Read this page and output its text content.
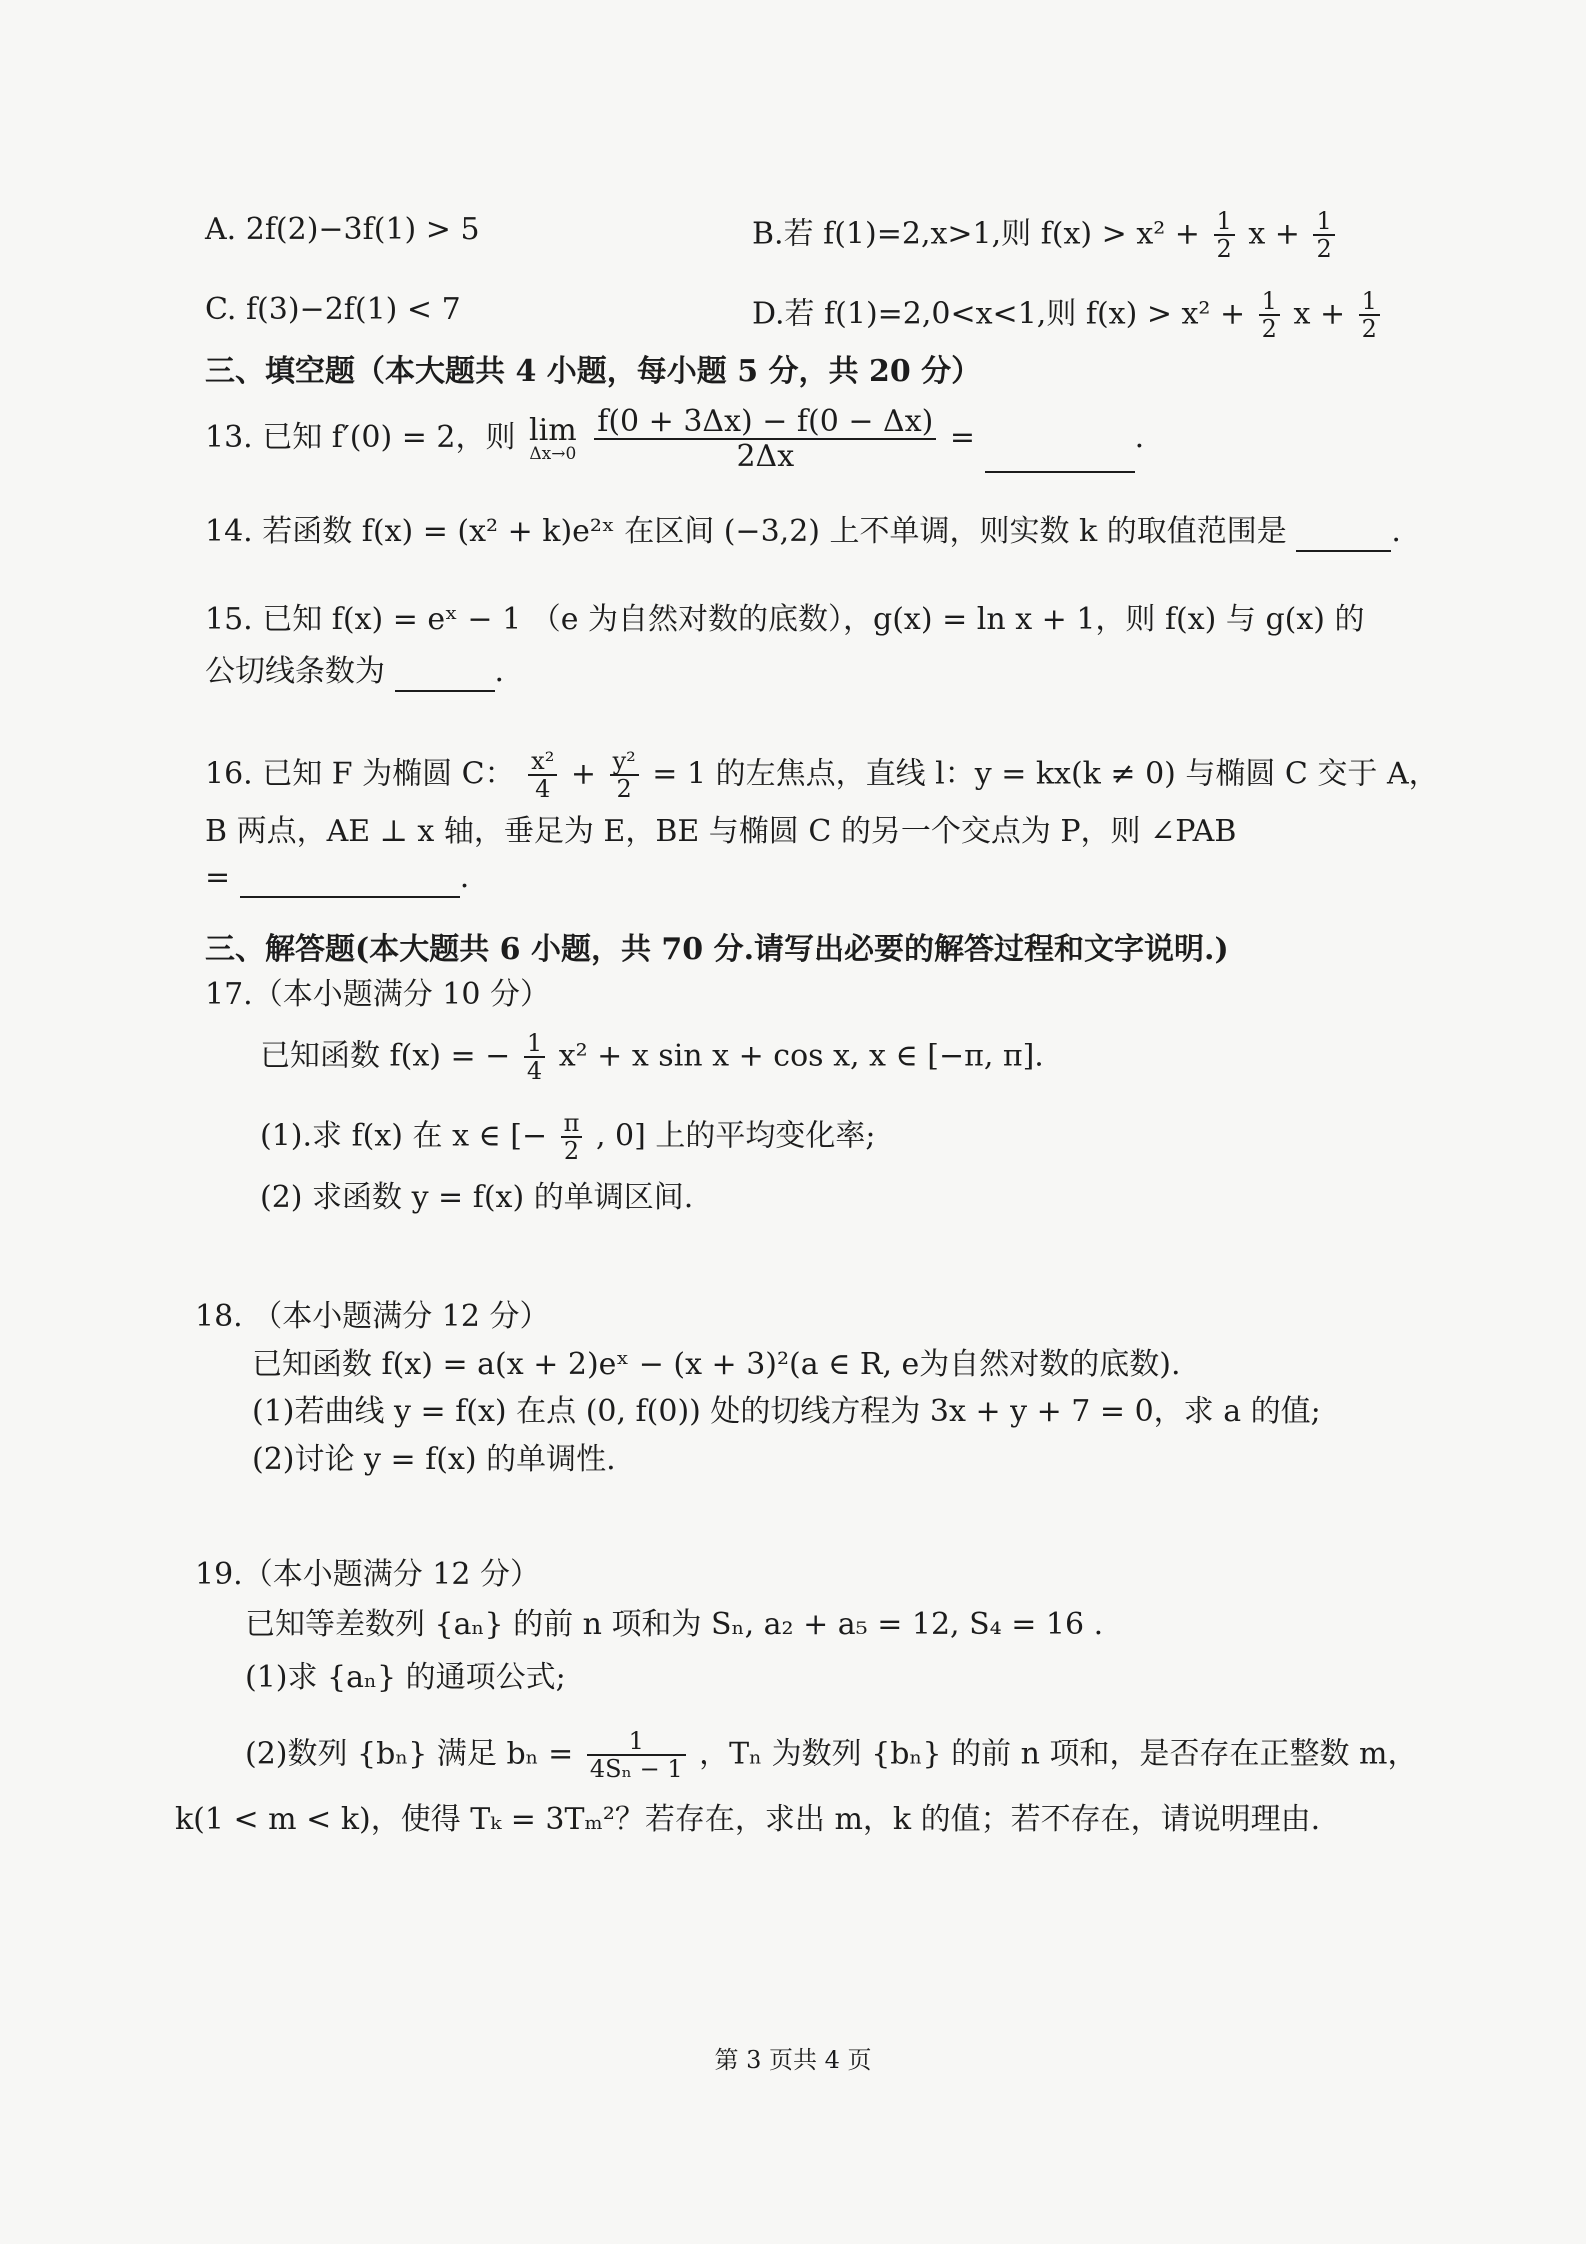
A. 2f(2)−3f(1) > 5	B.若 f(1)=2,x>1,则 $f(x) > x^2 + \frac{1}{2}$ $x + \frac{1}{2}$
C. f(3)−2f(1) < 7	D.若 f(1)=2,0<x<1,则 $f(x) > x^2 + \frac{1}{2}$ $x + \frac{1}{2}$
三、填空题（本大题共 4 小题，每小题 5 分，共 20 分）
13. 已知 f′(0) = 2，则 lim
Δx→0
$\frac{f(0 + 3\Delta x) - f(0 - \Delta x)}{2\Delta x}$ =	.
14. 若函数 f(x) = (x² + k)e²ˣ 在区间 (−3,2) 上不单调，则实数 k 的取值范围是	.
15. 已知 f(x) = eˣ − 1 （e 为自然对数的底数），g(x) = ln x + 1，则 f(x) 与 g(x) 的
公切线条数为	.
16. 已知 F 为椭圆 C： $\frac{\text{x²}}{4} + \frac{\text{y²}}{2} = 1$ 的左焦点，直线 l：y = kx(k ≠ 0) 与椭圆 C 交于 A，
B 两点，AE ⊥ x 轴，垂足为 E，BE 与椭圆 C 的另一个交点为 P，则 ∠PAB
=	.
三、解答题(本大题共 6 小题，共 70 分.请写出必要的解答过程和文字说明.)
17.（本小题满分 10 分）
已知函数 f(x) = − $\frac{1}{4} x^2 + x$ sin x + cos x, x ∈ [−π, π].
(1).求 f(x) 在 x ∈ [− $\frac{\pi}{2}$ , 0] 上的平均变化率;
(2) 求函数 y = f(x) 的单调区间.
18. （本小题满分 12 分）
已知函数 f(x) = a(x + 2)eˣ − (x + 3)²(a ∈ R, e为自然对数的底数).
(1)若曲线 y = f(x) 在点 (0, f(0)) 处的切线方程为 3x + y + 7 = 0，求 a 的值;
(2)讨论 y = f(x) 的单调性.
19.（本小题满分 12 分）
已知等差数列 {aₙ} 的前 n 项和为 Sₙ, a₂ + a₅ = 12, S₄ = 16 .
(1)求 {aₙ} 的通项公式;
(2)数列 {bₙ} 满足 $b_n = \frac{1}{\text{4Sₙ − 1}}$ ，Tₙ 为数列 {bₙ} 的前 n 项和，是否存在正整数 m，
k(1 < m < k)，使得 Tₖ = 3Tₘ²？若存在，求出 m，k 的值；若不存在，请说明理由.
第 3 页共 4 页
